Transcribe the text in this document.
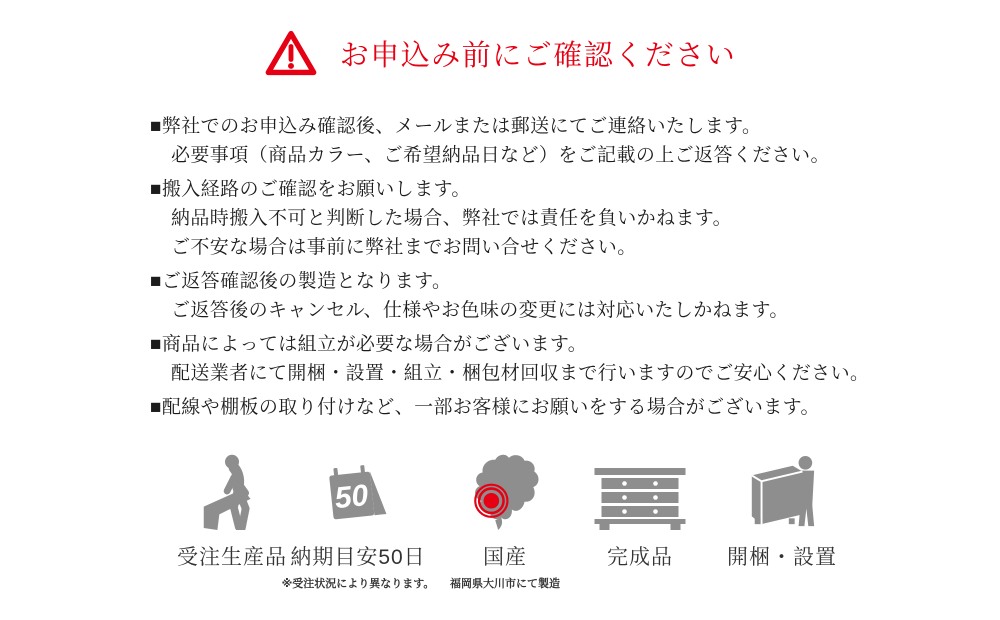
お申込み前にご確認ください

■弊社でのお申込み確認後、メールまたは郵送にてご連絡いたします。

必要事項（商品カラー、ご希望納品日など）をご記載の上ご返答ください。

■搬入経路のご確認をお願いします。

納品時搬入不可と判断した場合、弊社では責任を負いかねます。

ご不安な場合は事前に弊社までお問い合せください。

■ご返答確認後の製造となります。

ご返答後のキャンセル、仕様やお色味の変更には対応いたしかねます。

■商品によっては組立が必要な場合がございます。

配送業者にて開梱・設置・組立・梱包材回収まで行いますのでご安心ください。

■配線や棚板の取り付けなど、一部お客様にお願いをする場合がございます。

受注生産品
50
納期目安50日
※受注状況により異なります。
国産
福岡県大川市にて製造
完成品	開梱・設置
